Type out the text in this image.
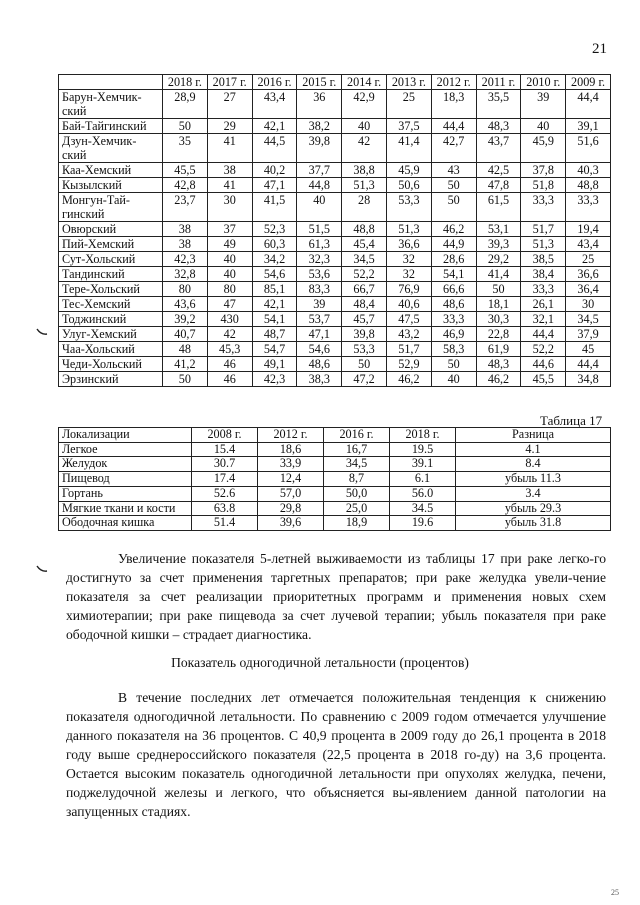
21
	2018 г.	2017 г.	2016 г.	2015 г.	2014 г.	2013 г.	2012 г.	2011 г.	2010 г.	2009 г.
Барун-Хемчик-ский	28,9	27	43,4	36	42,9	25	18,3	35,5	39	44,4
Бай-Тайгинский	50	29	42,1	38,2	40	37,5	44,4	48,3	40	39,1
Дзун-Хемчик-ский	35	41	44,5	39,8	42	41,4	42,7	43,7	45,9	51,6
Каа-Хемский	45,5	38	40,2	37,7	38,8	45,9	43	42,5	37,8	40,3
Кызылский	42,8	41	47,1	44,8	51,3	50,6	50	47,8	51,8	48,8
Монгун-Тай-гинский	23,7	30	41,5	40	28	53,3	50	61,5	33,3	33,3
Овюрский	38	37	52,3	51,5	48,8	51,3	46,2	53,1	51,7	19,4
Пий-Хемский	38	49	60,3	61,3	45,4	36,6	44,9	39,3	51,3	43,4
Сут-Хольский	42,3	40	34,2	32,3	34,5	32	28,6	29,2	38,5	25
Тандинский	32,8	40	54,6	53,6	52,2	32	54,1	41,4	38,4	36,6
Тере-Хольский	80	80	85,1	83,3	66,7	76,9	66,6	50	33,3	36,4
Тес-Хемский	43,6	47	42,1	39	48,4	40,6	48,6	18,1	26,1	30
Тоджинский	39,2	430	54,1	53,7	45,7	47,5	33,3	30,3	32,1	34,5
Улуг-Хемский	40,7	42	48,7	47,1	39,8	43,2	46,9	22,8	44,4	37,9
Чаа-Хольский	48	45,3	54,7	54,6	53,3	51,7	58,3	61,9	52,2	45
Чеди-Хольский	41,2	46	49,1	48,6	50	52,9	50	48,3	44,6	44,4
Эрзинский	50	46	42,3	38,3	47,2	46,2	40	46,2	45,5	34,8
Таблица 17
Локализации	2008 г.	2012 г.	2016 г.	2018 г.	Разница
Легкое	15.4	18,6	16,7	19.5	4.1
Желудок	30.7	33,9	34,5	39.1	8.4
Пищевод	17.4	12,4	8,7	6.1	убыль 11.3
Гортань	52.6	57,0	50,0	56.0	3.4
Мягкие ткани и кости	63.8	29,8	25,0	34.5	убыль 29.3
Ободочная кишка	51.4	39,6	18,9	19.6	убыль 31.8

Увеличение показателя 5-летней выживаемости из таблицы 17 при раке легко-го достигнуто за счет применения таргетных препаратов; при раке желудка увели-чение показателя за счет реализации приоритетных программ и применения новых схем химиотерапии; при раке пищевода за счет лучевой терапии; убыль показателя при раке ободочной кишки – страдает диагностика.

Показатель одногодичной летальности (процентов)

В течение последних лет отмечается положительная тенденция к снижению показателя одногодичной летальности. По сравнению с 2009 годом отмечается улучшение данного показателя на 36 процентов. С 40,9 процента в 2009 году до 26,1 процента в 2018 году выше среднероссийского показателя (22,5 процента в 2018 го-ду) на 3,6 процента. Остается высоким показатель одногодичной летальности при опухолях желудка, печени, поджелудочной железы и легкого, что объясняется вы-явлением данной патологии на запущенных стадиях.

25
